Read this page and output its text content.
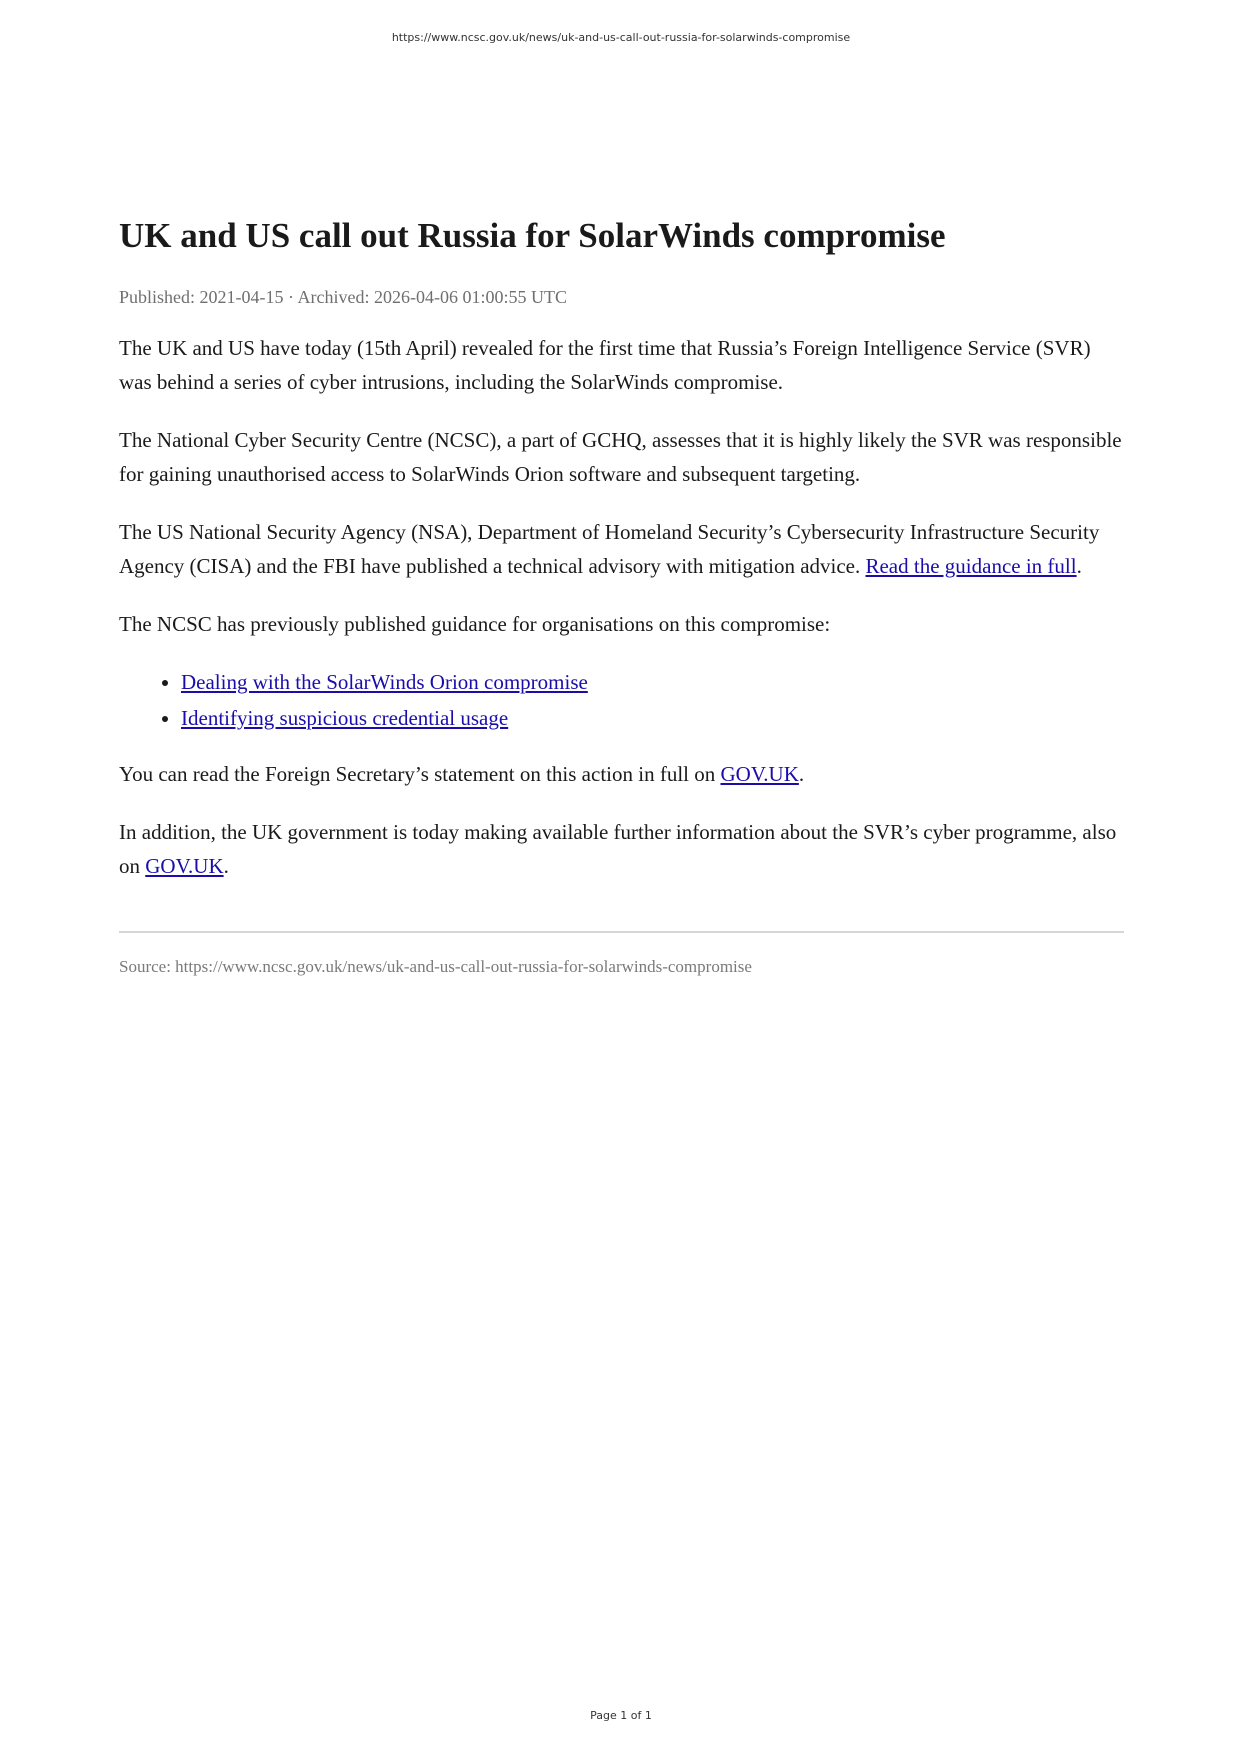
https://www.ncsc.gov.uk/news/uk-and-us-call-out-russia-for-solarwinds-compromise
UK and US call out Russia for SolarWinds compromise
Published: 2021-04-15 · Archived: 2026-04-06 01:00:55 UTC

The UK and US have today (15th April) revealed for the first time that Russia’s Foreign Intelligence Service (SVR) was behind a series of cyber intrusions, including the SolarWinds compromise.

The National Cyber Security Centre (NCSC), a part of GCHQ, assesses that it is highly likely the SVR was responsible for gaining unauthorised access to SolarWinds Orion software and subsequent targeting.

The US National Security Agency (NSA), Department of Homeland Security’s Cybersecurity Infrastructure Security Agency (CISA) and the FBI have published a technical advisory with mitigation advice. Read the guidance in full.

The NCSC has previously published guidance for organisations on this compromise:

• Dealing with the SolarWinds Orion compromise
• Identifying suspicious credential usage

You can read the Foreign Secretary’s statement on this action in full on GOV.UK.

In addition, the UK government is today making available further information about the SVR’s cyber programme, also on GOV.UK.

Source: https://www.ncsc.gov.uk/news/uk-and-us-call-out-russia-for-solarwinds-compromise
Page 1 of 1
